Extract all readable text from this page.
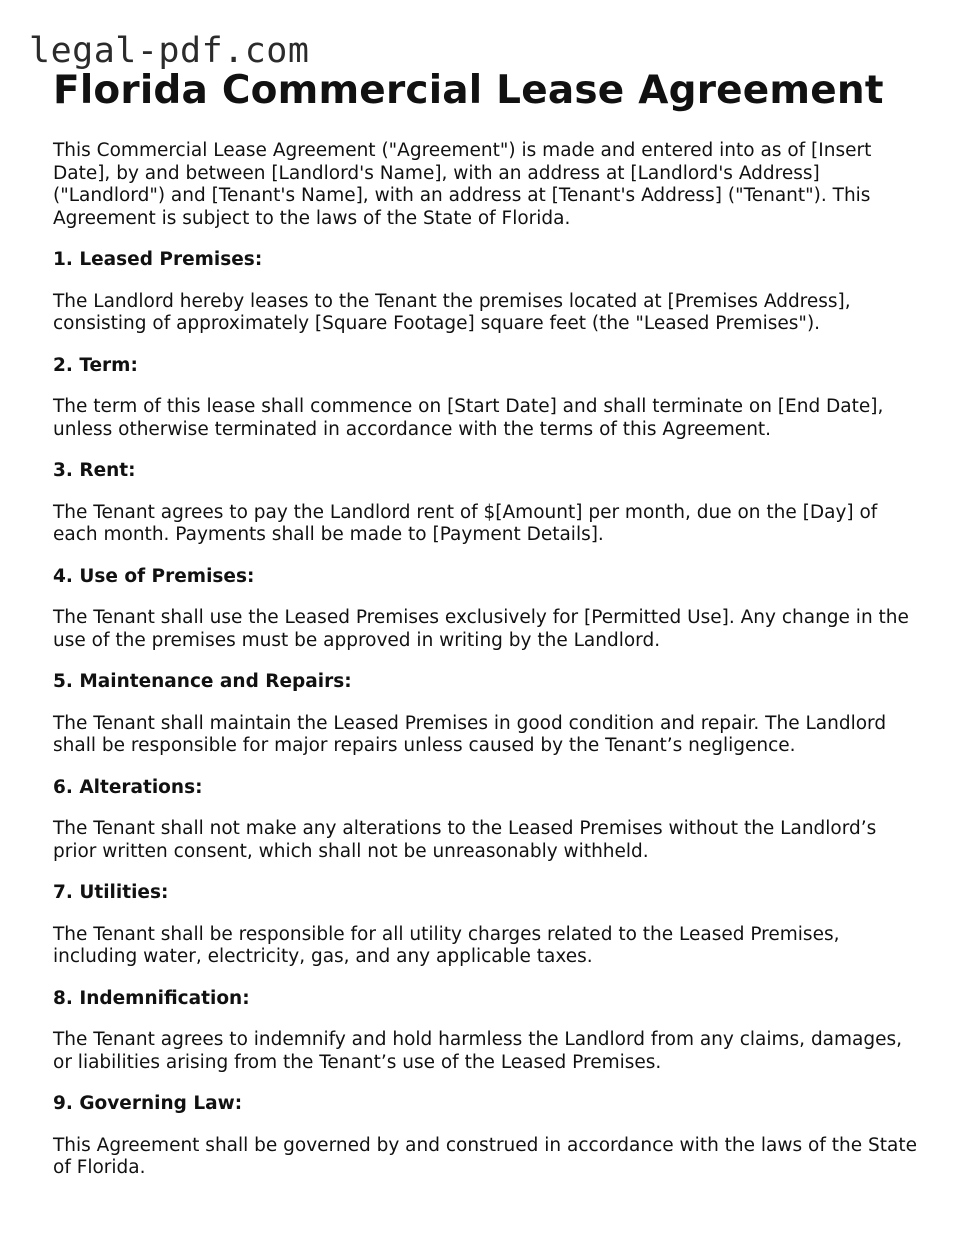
legal-pdf.com
Florida Commercial Lease Agreement

This Commercial Lease Agreement ("Agreement") is made and entered into as of [Insert Date], by and between [Landlord's Name], with an address at [Landlord's Address] ("Landlord") and [Tenant's Name], with an address at [Tenant's Address] ("Tenant"). This Agreement is subject to the laws of the State of Florida.

1. Leased Premises:

The Landlord hereby leases to the Tenant the premises located at [Premises Address], consisting of approximately [Square Footage] square feet (the "Leased Premises").

2. Term:

The term of this lease shall commence on [Start Date] and shall terminate on [End Date], unless otherwise terminated in accordance with the terms of this Agreement.

3. Rent:

The Tenant agrees to pay the Landlord rent of $[Amount] per month, due on the [Day] of each month. Payments shall be made to [Payment Details].

4. Use of Premises:

The Tenant shall use the Leased Premises exclusively for [Permitted Use]. Any change in the use of the premises must be approved in writing by the Landlord.

5. Maintenance and Repairs:

The Tenant shall maintain the Leased Premises in good condition and repair. The Landlord shall be responsible for major repairs unless caused by the Tenant’s negligence.

6. Alterations:

The Tenant shall not make any alterations to the Leased Premises without the Landlord’s prior written consent, which shall not be unreasonably withheld.

7. Utilities:

The Tenant shall be responsible for all utility charges related to the Leased Premises, including water, electricity, gas, and any applicable taxes.

8. Indemnification:

The Tenant agrees to indemnify and hold harmless the Landlord from any claims, damages, or liabilities arising from the Tenant’s use of the Leased Premises.

9. Governing Law:

This Agreement shall be governed by and construed in accordance with the laws of the State of Florida.
